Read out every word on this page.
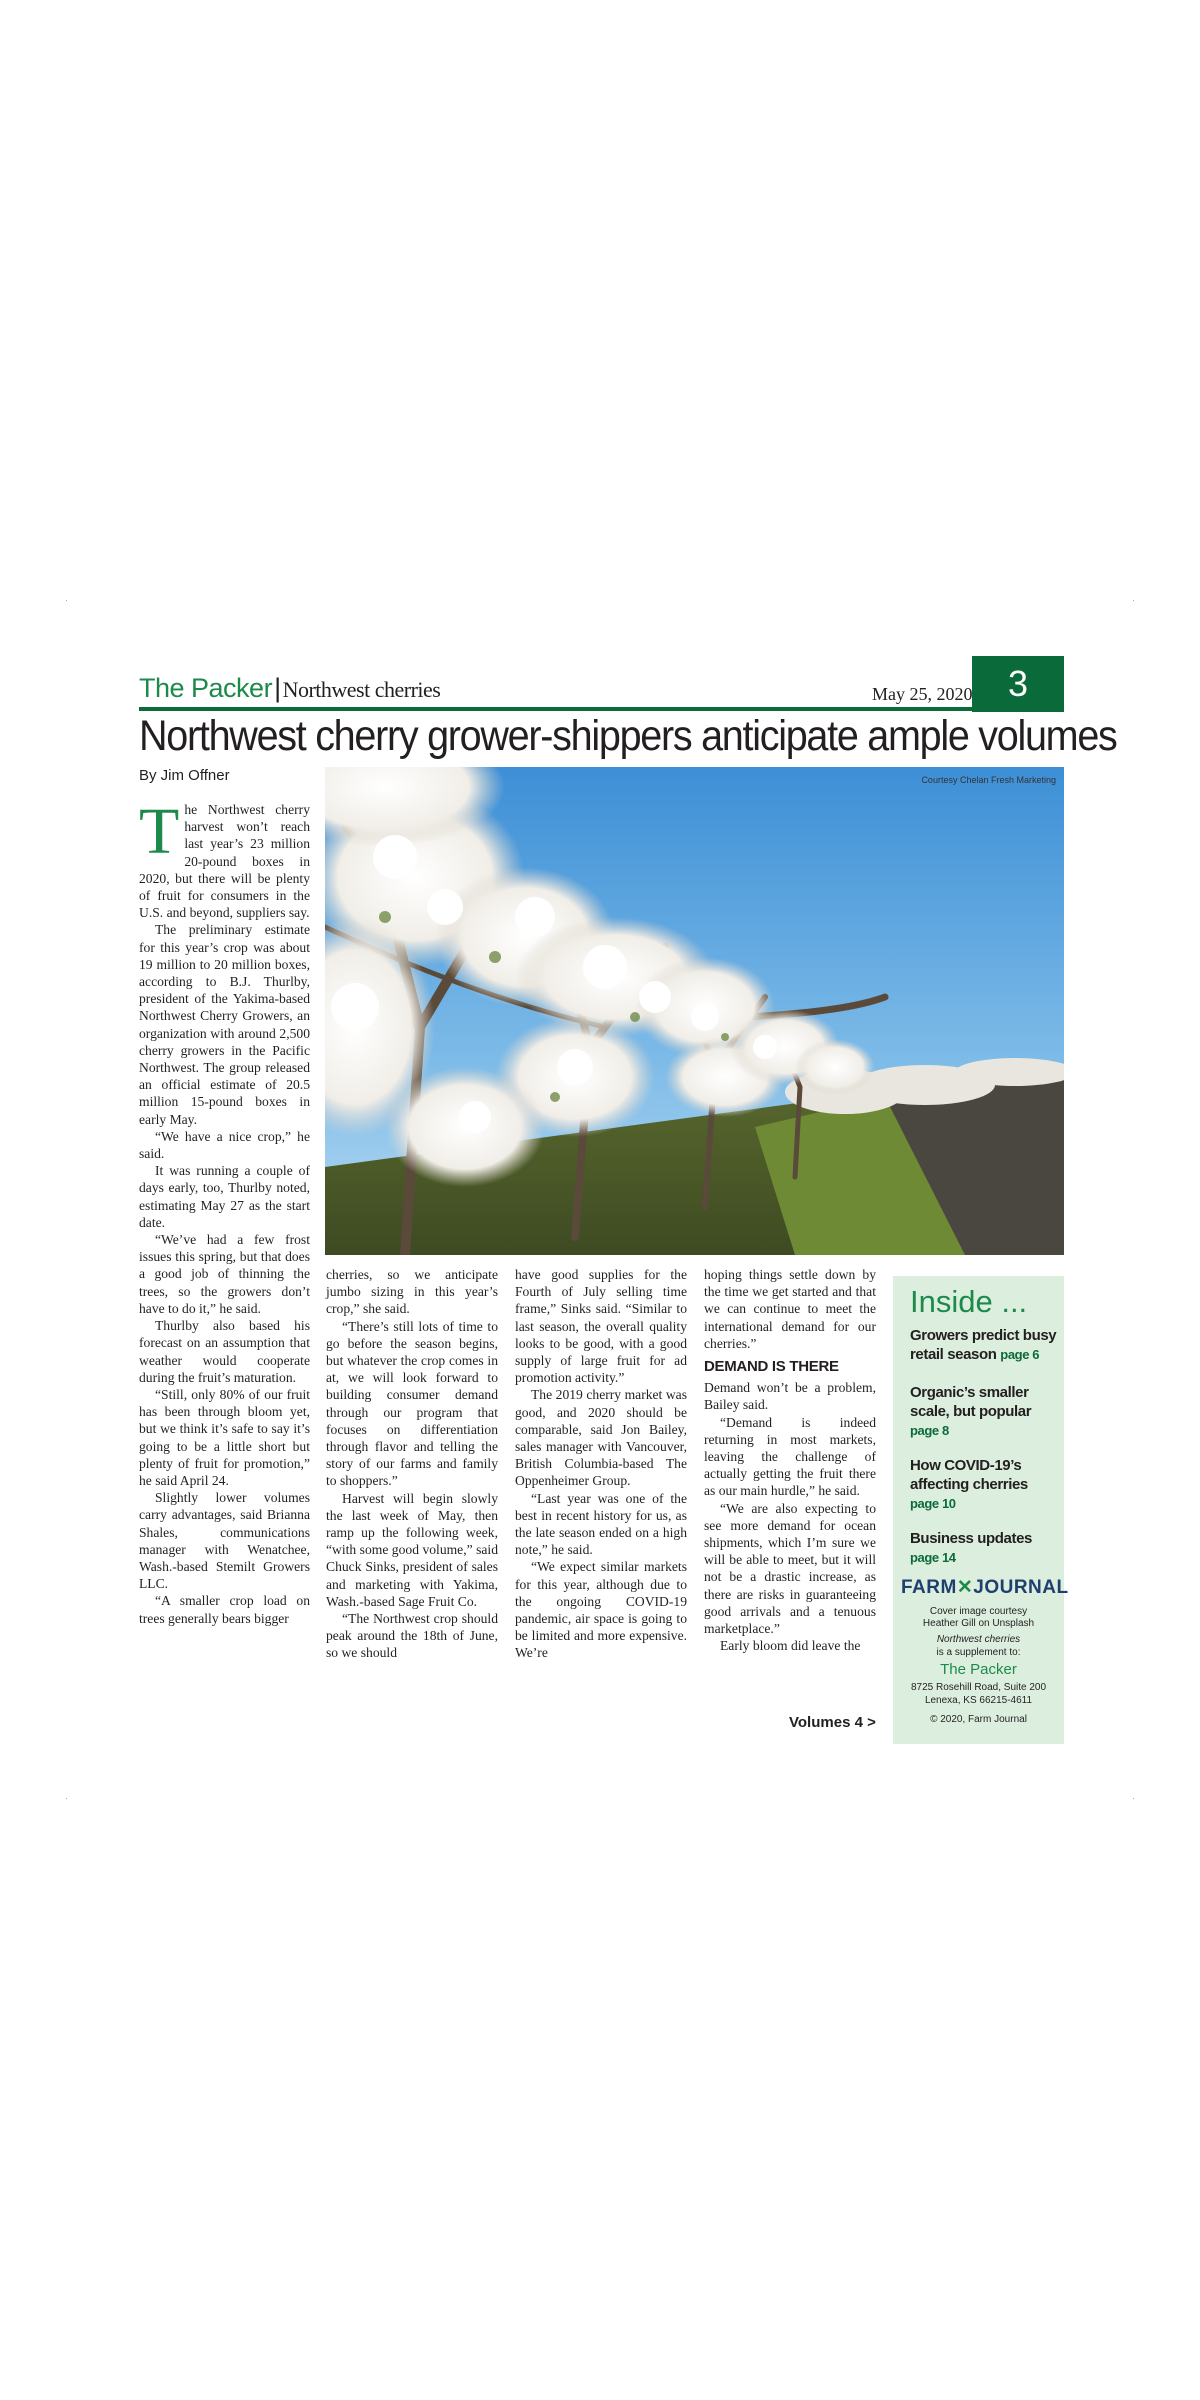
The Packer|Northwest cherries	May 25, 2020 3
Northwest cherry grower-shippers anticipate ample volumes
By Jim Offner	Courtesy Chelan Fresh Marketing

The Northwest cherry harvest won’t reach last year’s 23 million 20-pound boxes in 2020, but there will be plenty of fruit for consumers in the U.S. and beyond, suppliers say.

The preliminary estimate for this year’s crop was about 19 million to 20 million boxes, according to B.J. Thurlby, president of the Yakima-based Northwest Cherry Growers, an organization with around 2,500 cherry growers in the Pacific Northwest. The group released an official estimate of 20.5 million 15-pound boxes in early May.

“We have a nice crop,” he said.

It was running a couple of days early, too, Thurlby noted, estimating May 27 as the start date.

“We’ve had a few frost issues this spring, but that does a good job of thinning the trees, so the growers don’t have to do it,” he said.

Thurlby also based his forecast on an assumption that weather would cooperate during the fruit’s maturation.

“Still, only 80% of our fruit has been through bloom yet, but we think it’s safe to say it’s going to be a little short but plenty of fruit for promotion,” he said April 24.

Slightly lower volumes carry advantages, said Brianna Shales, communications manager with Wenatchee, Wash.-based Stemilt Growers LLC.

“A smaller crop load on trees generally bears bigger

cherries, so we anticipate jumbo sizing in this year’s crop,” she said.

“There’s still lots of time to go before the season begins, but whatever the crop comes in at, we will look forward to building consumer demand through our program that focuses on differentiation through flavor and telling the story of our farms and family to shoppers.”

Harvest will begin slowly the last week of May, then ramp up the following week, “with some good volume,” said Chuck Sinks, president of sales and marketing with Yakima, Wash.-based Sage Fruit Co.

“The Northwest crop should peak around the 18th of June, so we should

have good supplies for the Fourth of July selling time frame,” Sinks said. “Similar to last season, the overall quality looks to be good, with a good supply of large fruit for ad promotion activity.”

The 2019 cherry market was good, and 2020 should be comparable, said Jon Bailey, sales manager with Vancouver, British Columbia-based The Oppenheimer Group.

“Last year was one of the best in recent history for us, as the late season ended on a high note,” he said.

“We expect similar markets for this year, although due to the ongoing COVID-19 pandemic, air space is going to be limited and more expensive. We’re

hoping things settle down by the time we get started and that we can continue to meet the international demand for our cherries.”

DEMAND IS THERE

Demand won’t be a problem, Bailey said.

“Demand is indeed returning in most markets, leaving the challenge of actually getting the fruit there as our main hurdle,” he said.

“We are also expecting to see more demand for ocean shipments, which I’m sure we will be able to meet, but it will not be a drastic increase, as there are risks in guaranteeing good arrivals and a tenuous marketplace.”

Early bloom did leave the

Volumes 4 >
Inside ...
Growers predict busy retail season page 6
Organic’s smaller scale, but popular
page 8
How COVID-19’s affecting cherries
page 10
Business updates
page 14
FARM✕JOURNAL
Cover image courtesy Heather Gill on Unsplash
Northwest cherries
is a supplement to:
The Packer
8725 Rosehill Road, Suite 200
Lenexa, KS 66215-4611
© 2020, Farm Journal
